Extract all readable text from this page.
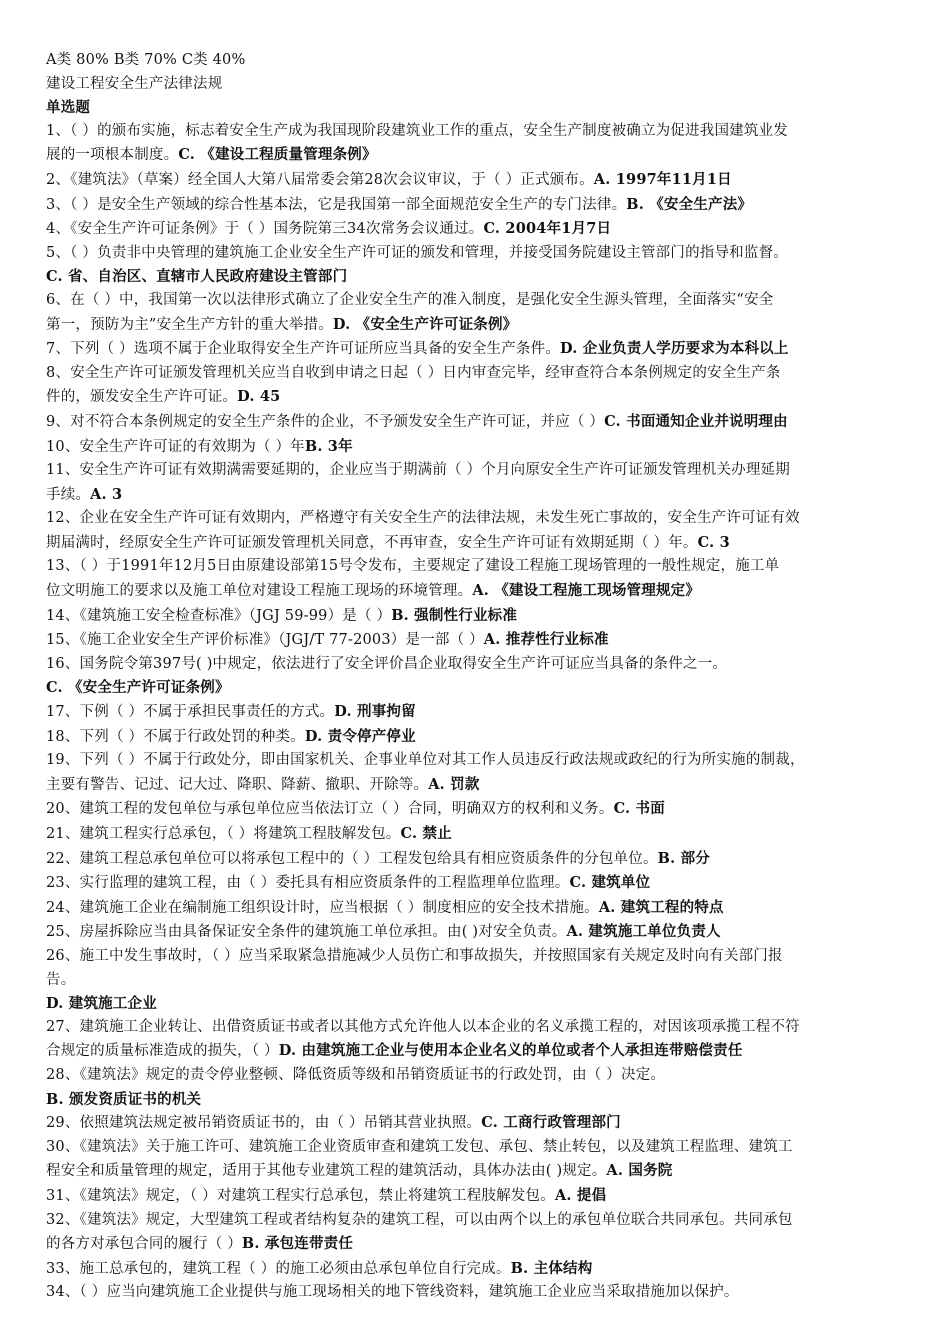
A类 80% B类 70% C类 40%
建设工程安全生产法律法规
单选题
1、（ ）的颁布实施，标志着安全生产成为我国现阶段建筑业工作的重点，安全生产制度被确立为促进我国建筑业发
展的一项根本制度。C. 《建设工程质量管理条例》
2、《建筑法》（草案）经全国人大第八届常委会第28次会议审议，于（ ）正式颁布。A. 1997年11月1日
3、（ ）是安全生产领域的综合性基本法，它是我国第一部全面规范安全生产的专门法律。B. 《安全生产法》
4、《安全生产许可证条例》于（ ）国务院第三34次常务会议通过。C. 2004年1月7日
5、（ ）负责非中央管理的建筑施工企业安全生产许可证的颁发和管理，并接受国务院建设主管部门的指导和监督。
C. 省、自治区、直辖市人民政府建设主管部门
6、在（ ）中，我国第一次以法律形式确立了企业安全生产的准入制度，是强化安全生源头管理，全面落实“安全
第一，预防为主”安全生产方针的重大举措。D. 《安全生产许可证条例》
7、下列（ ）选项不属于企业取得安全生产许可证所应当具备的安全生产条件。D. 企业负责人学历要求为本科以上
8、安全生产许可证颁发管理机关应当自收到申请之日起（ ）日内审查完毕，经审查符合本条例规定的安全生产条
件的，颁发安全生产许可证。D. 45
9、对不符合本条例规定的安全生产条件的企业，不予颁发安全生产许可证，并应（ ）C. 书面通知企业并说明理由
10、安全生产许可证的有效期为（ ）年B. 3年
11、安全生产许可证有效期满需要延期的，企业应当于期满前（ ）个月向原安全生产许可证颁发管理机关办理延期
手续。A. 3
12、企业在安全生产许可证有效期内，严格遵守有关安全生产的法律法规，未发生死亡事故的，安全生产许可证有效
期届满时，经原安全生产许可证颁发管理机关同意，不再审查，安全生产许可证有效期延期（ ）年。C. 3
13、（ ）于1991年12月5日由原建设部第15号令发布，主要规定了建设工程施工现场管理的一般性规定，施工单
位文明施工的要求以及施工单位对建设工程施工现场的环境管理。A. 《建设工程施工现场管理规定》
14、《建筑施工安全检查标准》（JGJ 59-99）是（ ）B. 强制性行业标准
15、《施工企业安全生产评价标准》（JGJ/T 77-2003）是一部（ ）A. 推荐性行业标准
16、国务院令第397号( )中规定，依法进行了安全评价昌企业取得安全生产许可证应当具备的条件之一。
C. 《安全生产许可证条例》
17、下例（ ）不属于承担民事责任的方式。D. 刑事拘留
18、下列（ ）不属于行政处罚的种类。D. 责令停产停业
19、下列（ ）不属于行政处分，即由国家机关、企事业单位对其工作人员违反行政法规或政纪的行为所实施的制裁，
主要有警告、记过、记大过、降职、降薪、撤职、开除等。A. 罚款
20、建筑工程的发包单位与承包单位应当依法订立（ ）合同，明确双方的权利和义务。C. 书面
21、建筑工程实行总承包，（ ）将建筑工程肢解发包。C. 禁止
22、建筑工程总承包单位可以将承包工程中的（ ）工程发包给具有相应资质条件的分包单位。B. 部分
23、实行监理的建筑工程，由（ ）委托具有相应资质条件的工程监理单位监理。C. 建筑单位
24、建筑施工企业在编制施工组织设计时，应当根据（ ）制度相应的安全技术措施。A. 建筑工程的特点
25、房屋拆除应当由具备保证安全条件的建筑施工单位承担。由( )对安全负责。A. 建筑施工单位负责人
26、施工中发生事故时，（ ）应当采取紧急措施减少人员伤亡和事故损失，并按照国家有关规定及时向有关部门报
告。
D. 建筑施工企业
27、建筑施工企业转让、出借资质证书或者以其他方式允许他人以本企业的名义承揽工程的，对因该项承揽工程不符
合规定的质量标准造成的损失，（ ）D. 由建筑施工企业与使用本企业名义的单位或者个人承担连带赔偿责任
28、《建筑法》规定的责令停业整顿、降低资质等级和吊销资质证书的行政处罚，由（ ）决定。
B. 颁发资质证书的机关
29、依照建筑法规定被吊销资质证书的，由（ ）吊销其营业执照。C. 工商行政管理部门
30、《建筑法》关于施工许可、建筑施工企业资质审查和建筑工发包、承包、禁止转包，以及建筑工程监理、建筑工
程安全和质量管理的规定，适用于其他专业建筑工程的建筑活动，具体办法由( )规定。A. 国务院
31、《建筑法》规定，（ ）对建筑工程实行总承包，禁止将建筑工程肢解发包。A. 提倡
32、《建筑法》规定，大型建筑工程或者结构复杂的建筑工程，可以由两个以上的承包单位联合共同承包。共同承包
的各方对承包合同的履行（ ）B. 承包连带责任
33、施工总承包的，建筑工程（ ）的施工必须由总承包单位自行完成。B. 主体结构
34、（ ）应当向建筑施工企业提供与施工现场相关的地下管线资料，建筑施工企业应当采取措施加以保护。
